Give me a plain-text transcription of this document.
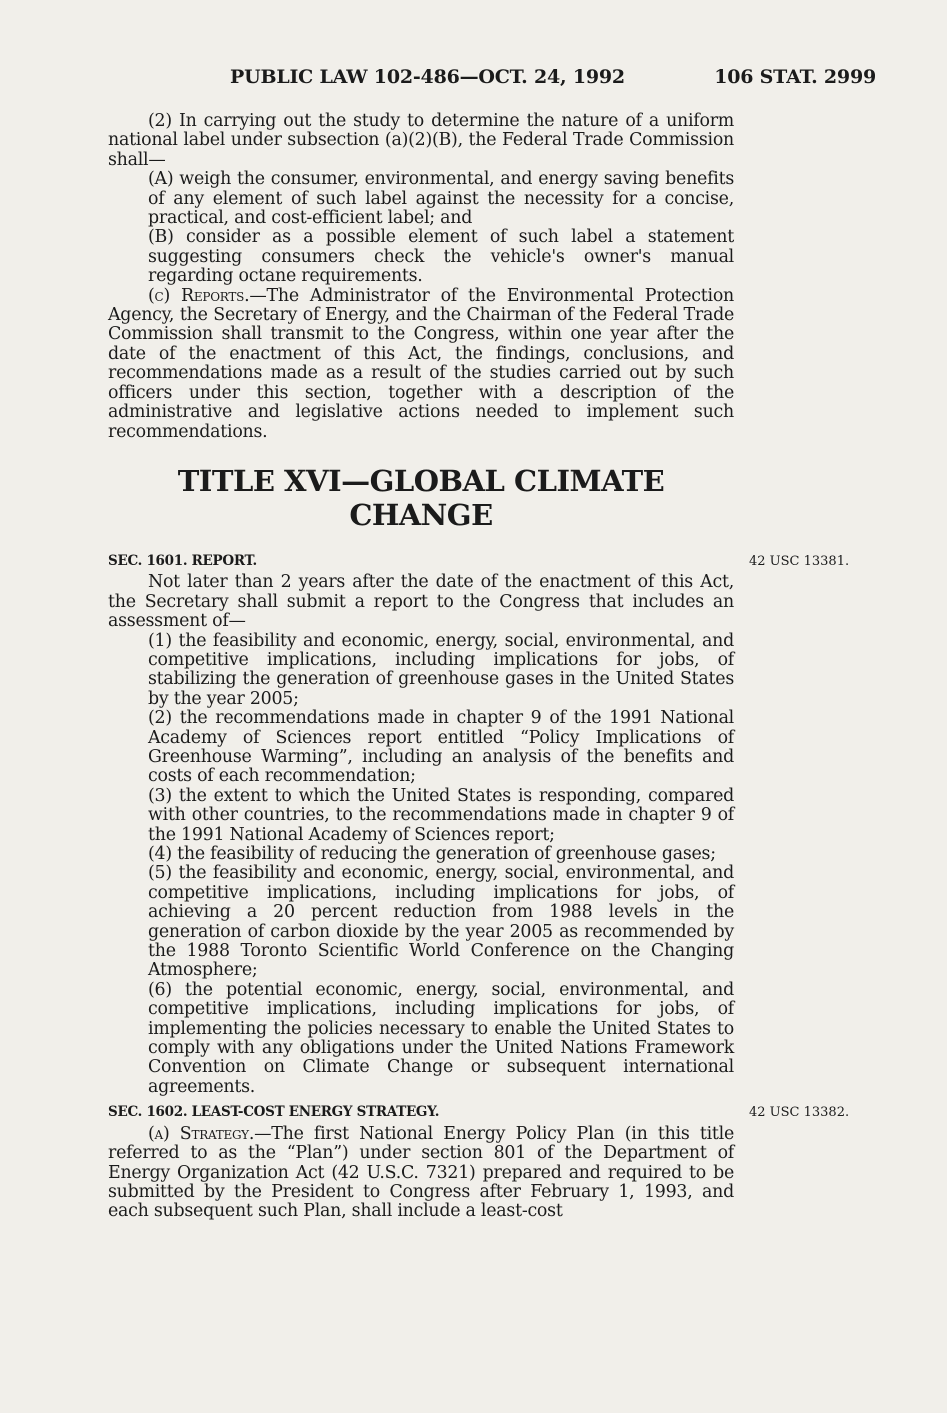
PUBLIC LAW 102-486—OCT. 24, 1992	106 STAT. 2999

(2) In carrying out the study to determine the nature of a uniform national label under subsection (a)(2)(B), the Federal Trade Commission shall—

(A) weigh the consumer, environmental, and energy saving benefits of any element of such label against the necessity for a concise, practical, and cost-efficient label; and

(B) consider as a possible element of such label a statement suggesting consumers check the vehicle's owner's manual regarding octane requirements.

(c) Reports.—The Administrator of the Environmental Protection Agency, the Secretary of Energy, and the Chairman of the Federal Trade Commission shall transmit to the Congress, within one year after the date of the enactment of this Act, the findings, conclusions, and recommendations made as a result of the studies carried out by such officers under this section, together with a description of the administrative and legislative actions needed to implement such recommendations.

TITLE XVI—GLOBAL CLIMATE CHANGE
SEC. 1601. REPORT.	42 USC 13381.

Not later than 2 years after the date of the enactment of this Act, the Secretary shall submit a report to the Congress that includes an assessment of—

(1) the feasibility and economic, energy, social, environmental, and competitive implications, including implications for jobs, of stabilizing the generation of greenhouse gases in the United States by the year 2005;

(2) the recommendations made in chapter 9 of the 1991 National Academy of Sciences report entitled “Policy Implications of Greenhouse Warming”, including an analysis of the benefits and costs of each recommendation;

(3) the extent to which the United States is responding, compared with other countries, to the recommendations made in chapter 9 of the 1991 National Academy of Sciences report;

(4) the feasibility of reducing the generation of greenhouse gases;

(5) the feasibility and economic, energy, social, environmental, and competitive implications, including implications for jobs, of achieving a 20 percent reduction from 1988 levels in the generation of carbon dioxide by the year 2005 as recommended by the 1988 Toronto Scientific World Conference on the Changing Atmosphere;

(6) the potential economic, energy, social, environmental, and competitive implications, including implications for jobs, of implementing the policies necessary to enable the United States to comply with any obligations under the United Nations Framework Convention on Climate Change or subsequent international agreements.

SEC. 1602. LEAST-COST ENERGY STRATEGY.	42 USC 13382.

(a) Strategy.—The first National Energy Policy Plan (in this title referred to as the “Plan”) under section 801 of the Department of Energy Organization Act (42 U.S.C. 7321) prepared and required to be submitted by the President to Congress after February 1, 1993, and each subsequent such Plan, shall include a least-cost
